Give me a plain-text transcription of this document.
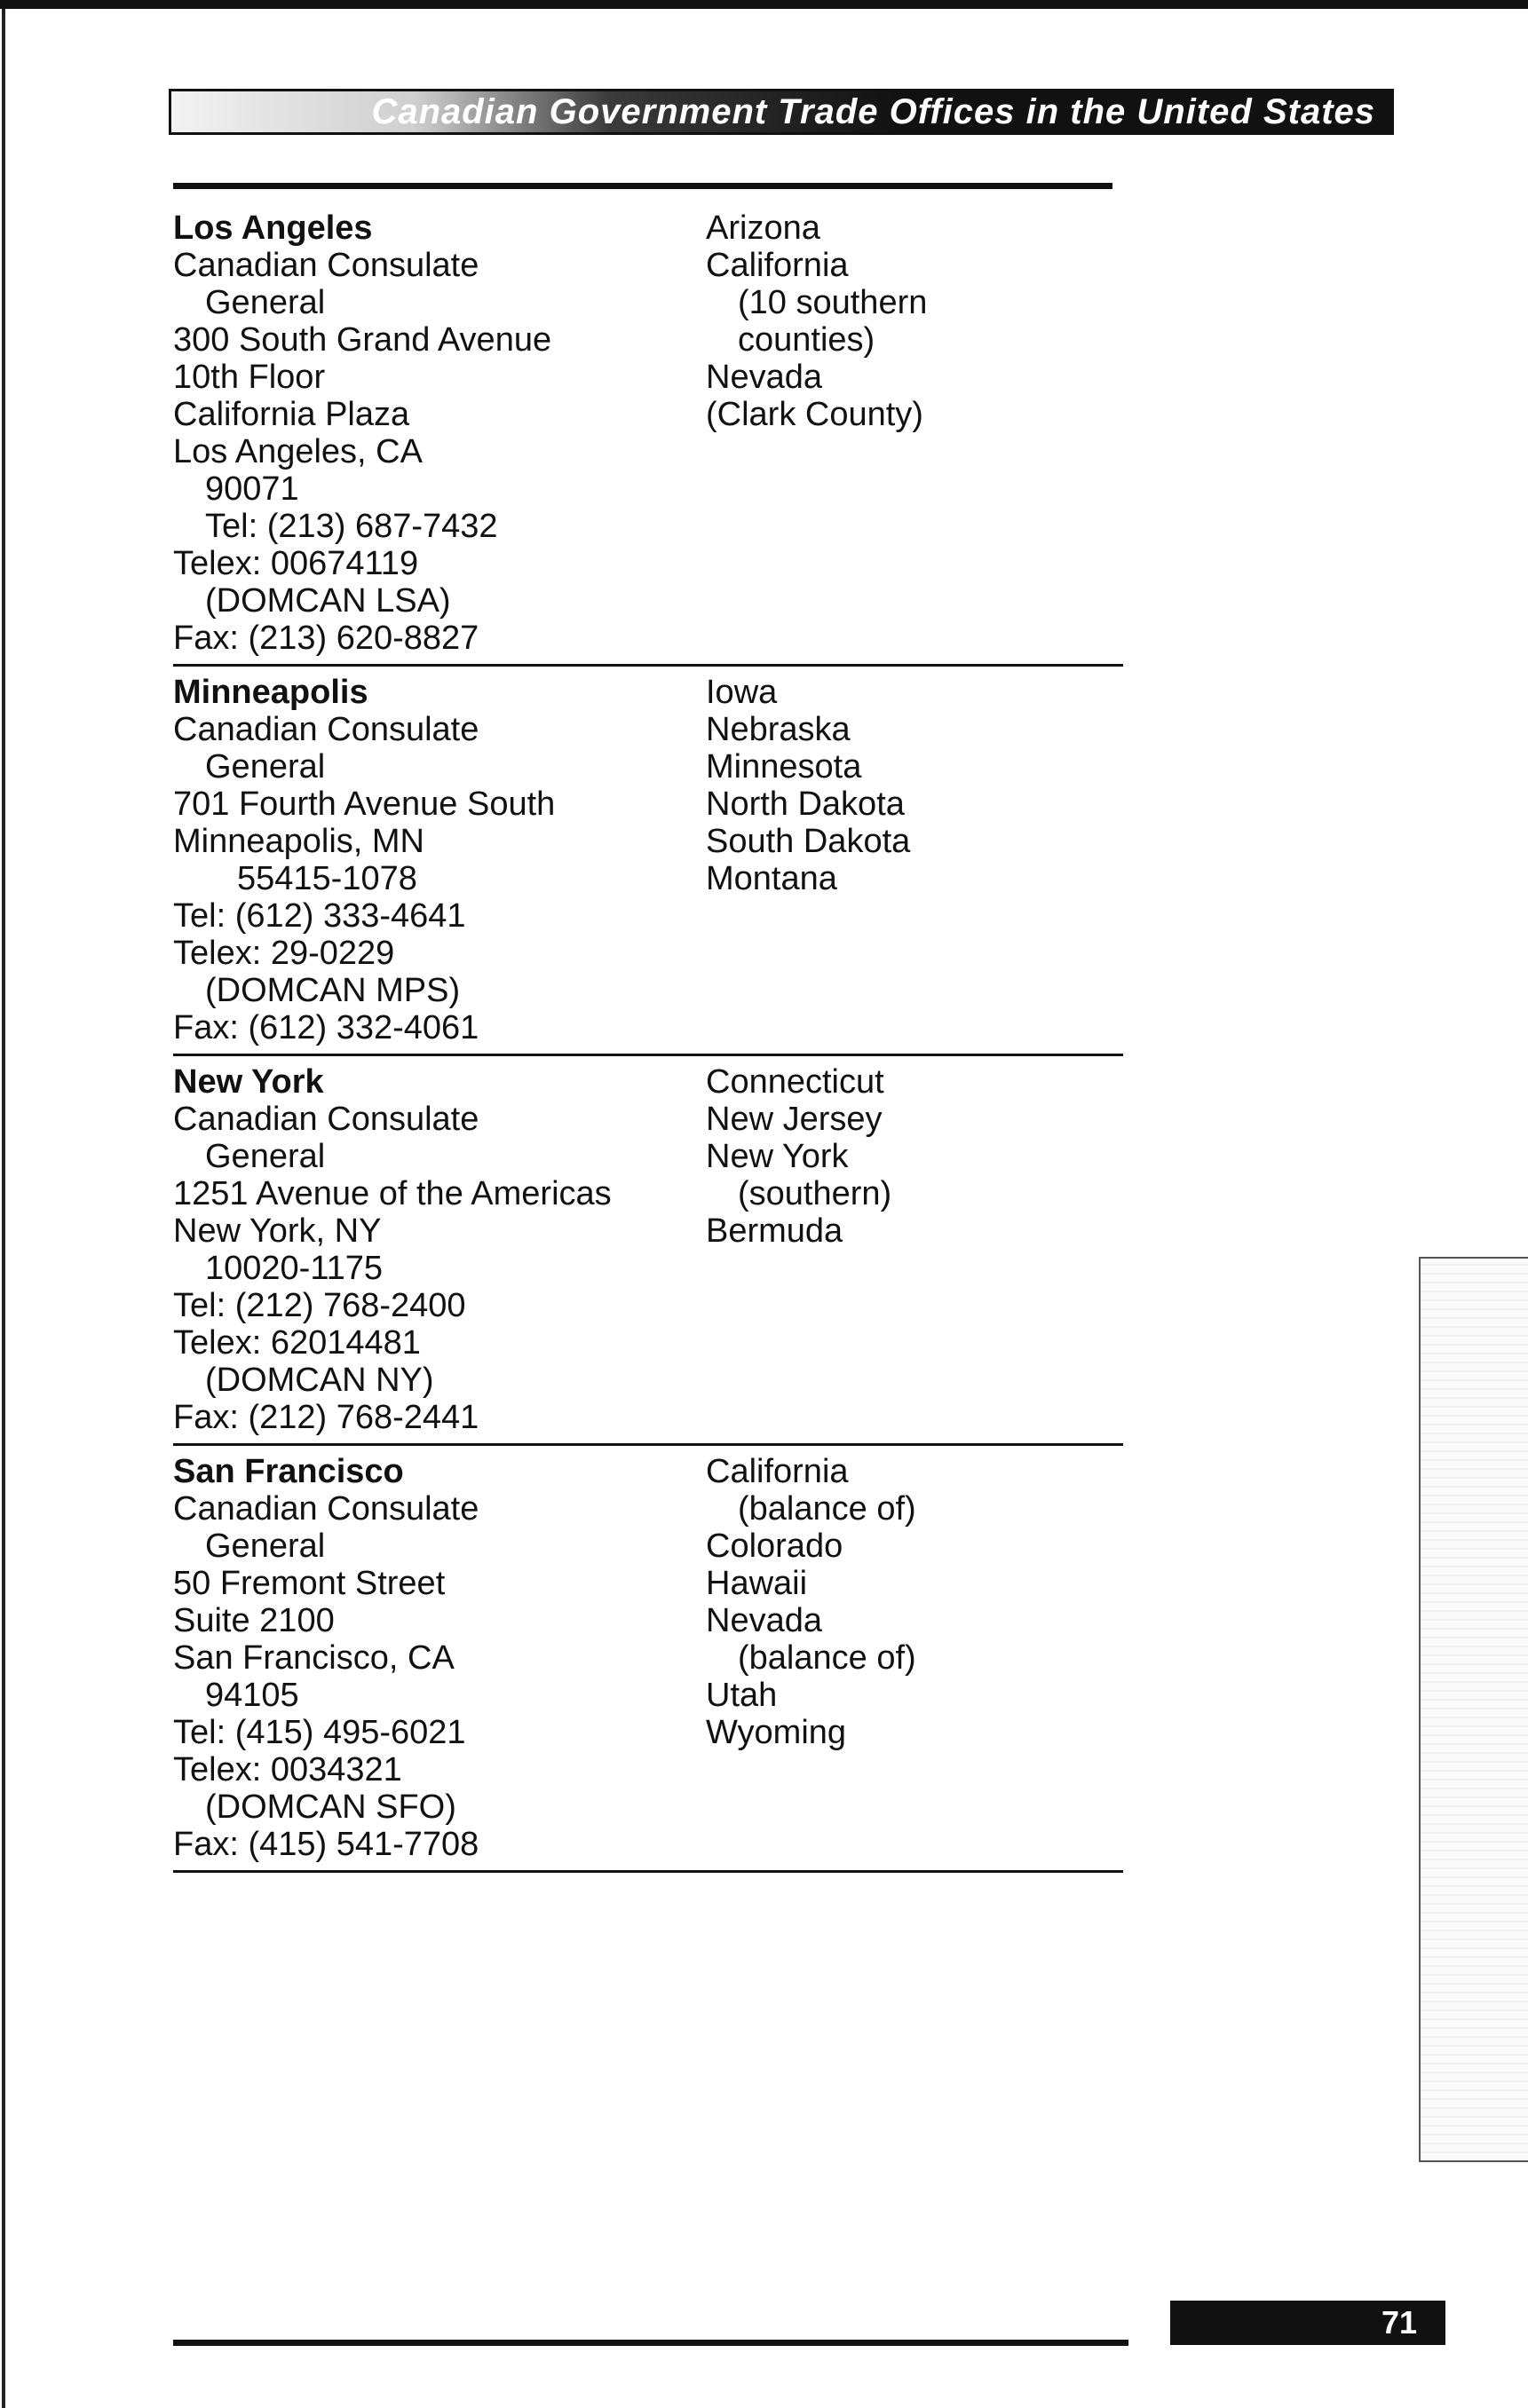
Canadian Government Trade Offices in the United States
Los Angeles
Canadian Consulate
General
300 South Grand Avenue
10th Floor
California Plaza
Los Angeles, CA
90071
Tel: (213) 687-7432
Telex: 00674119
(DOMCAN LSA)
Fax: (213) 620-8827
Arizona
California
(10 southern
counties)
Nevada
(Clark County)
Minneapolis
Canadian Consulate
General
701 Fourth Avenue South
Minneapolis, MN
55415-1078
Tel: (612) 333-4641
Telex: 29-0229
(DOMCAN MPS)
Fax: (612) 332-4061
Iowa
Nebraska
Minnesota
North Dakota
South Dakota
Montana
New York
Canadian Consulate
General
1251 Avenue of the Americas
New York, NY
10020-1175
Tel: (212) 768-2400
Telex: 62014481
(DOMCAN NY)
Fax: (212) 768-2441
Connecticut
New Jersey
New York
(southern)
Bermuda
San Francisco
Canadian Consulate
General
50 Fremont Street
Suite 2100
San Francisco, CA
94105
Tel: (415) 495-6021
Telex: 0034321
(DOMCAN SFO)
Fax: (415) 541-7708
California
(balance of)
Colorado
Hawaii
Nevada
(balance of)
Utah
Wyoming
71
